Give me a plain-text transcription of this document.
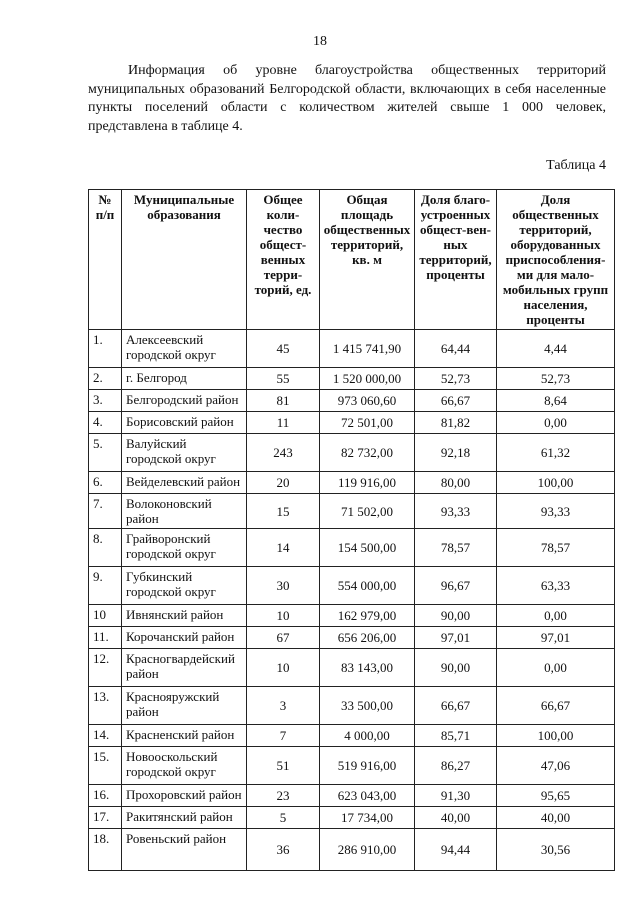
18

Информация об уровне благоустройства общественных территорий муниципальных образований Белгородской области, включающих в себя населенные пункты поселений области с количеством жителей свыше 1 000 человек, представлена в таблице 4.

Таблица 4
№ п/п	Муниципальные образования	Общее коли-чество общест-венных терри-торий, ед.	Общая площадь общественных территорий, кв. м	Доля благо-устроенных общест-вен-ных территорий, проценты	Доля общественных территорий, оборудованных приспособления-ми для мало-мобильных групп населения, проценты
1.	Алексеевский городской округ	45	1 415 741,90	64,44	4,44
2.	г. Белгород	55	1 520 000,00	52,73	52,73
3.	Белгородский район	81	973 060,60	66,67	8,64
4.	Борисовский район	11	72 501,00	81,82	0,00
5.	Валуйский городской округ	243	82 732,00	92,18	61,32
6.	Вейделевский район	20	119 916,00	80,00	100,00
7.	Волоконовский район	15	71 502,00	93,33	93,33
8.	Грайворонский городской округ	14	154 500,00	78,57	78,57
9.	Губкинский городской округ	30	554 000,00	96,67	63,33
10	Ивнянский район	10	162 979,00	90,00	0,00
11.	Корочанский район	67	656 206,00	97,01	97,01
12.	Красногвардейский район	10	83 143,00	90,00	0,00
13.	Краснояружский район	3	33 500,00	66,67	66,67
14.	Красненский район	7	4 000,00	85,71	100,00
15.	Новооскольский городской округ	51	519 916,00	86,27	47,06
16.	Прохоровский район	23	623 043,00	91,30	95,65
17.	Ракитянский район	5	17 734,00	40,00	40,00
18.	Ровеньский район	36	286 910,00	94,44	30,56
